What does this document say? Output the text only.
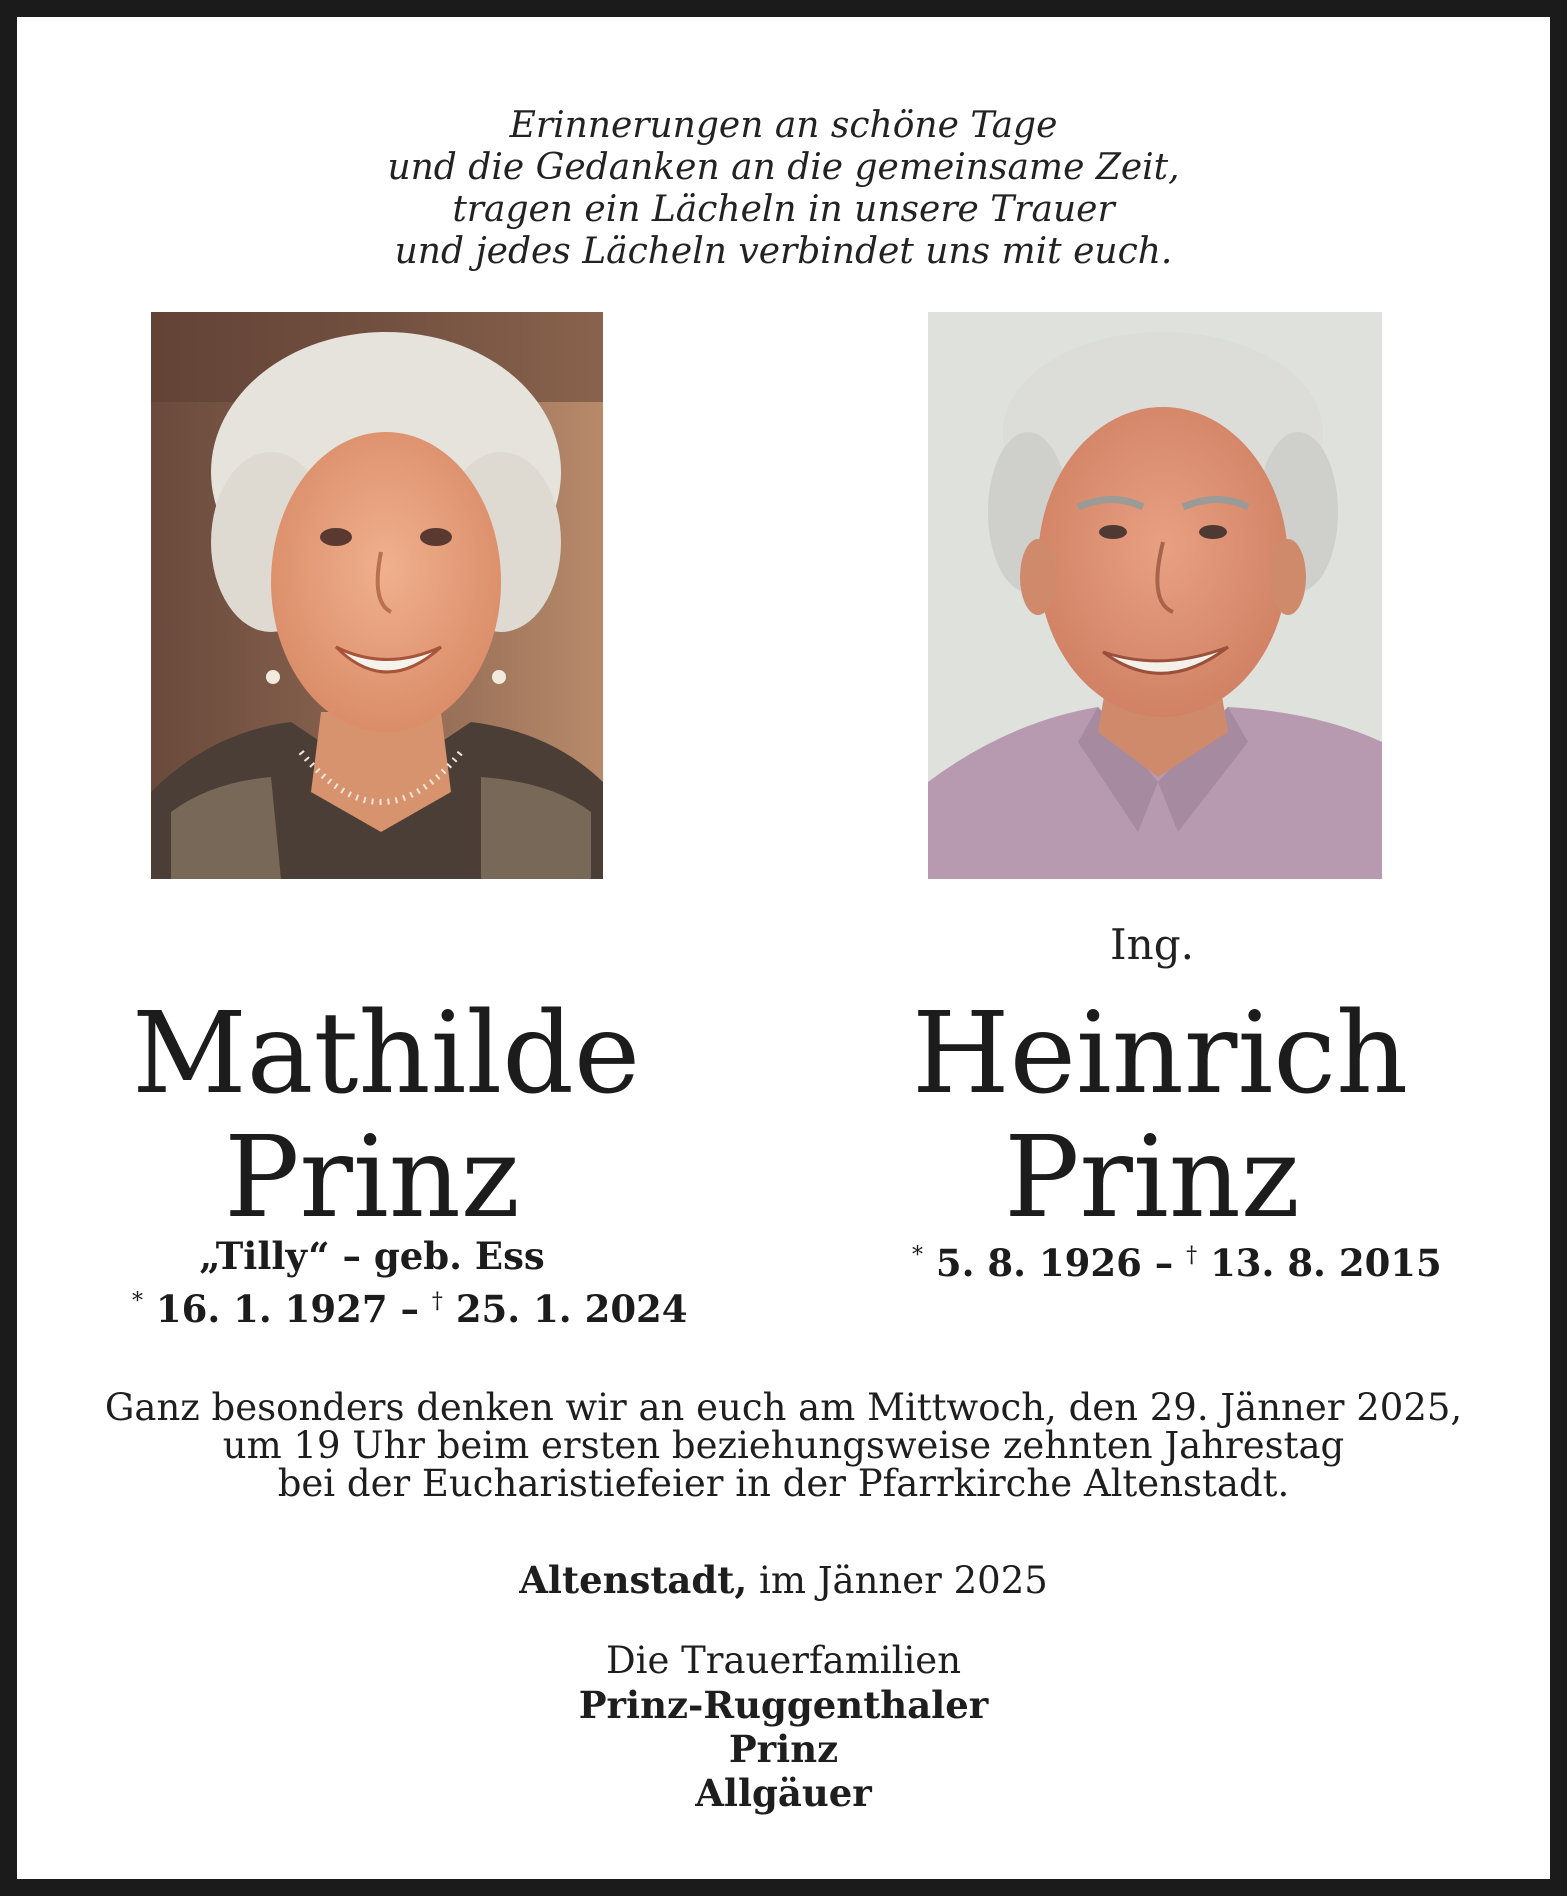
Erinnerungen an schöne Tage
und die Gedanken an die gemeinsame Zeit,
tragen ein Lächeln in unsere Trauer
und jedes Lächeln verbindet uns mit euch.
Mathilde
Prinz
„Tilly“ – geb. Ess
* 16. 1. 1927 – † 25. 1. 2024
Ing.
Heinrich
Prinz
* 5. 8. 1926 – † 13. 8. 2015
Ganz besonders denken wir an euch am Mittwoch, den 29. Jänner 2025,
um 19 Uhr beim ersten beziehungsweise zehnten Jahrestag
bei der Eucharistiefeier in der Pfarrkirche Altenstadt.
Altenstadt, im Jänner 2025
Die Trauerfamilien
Prinz-Ruggenthaler
Prinz
Allgäuer
